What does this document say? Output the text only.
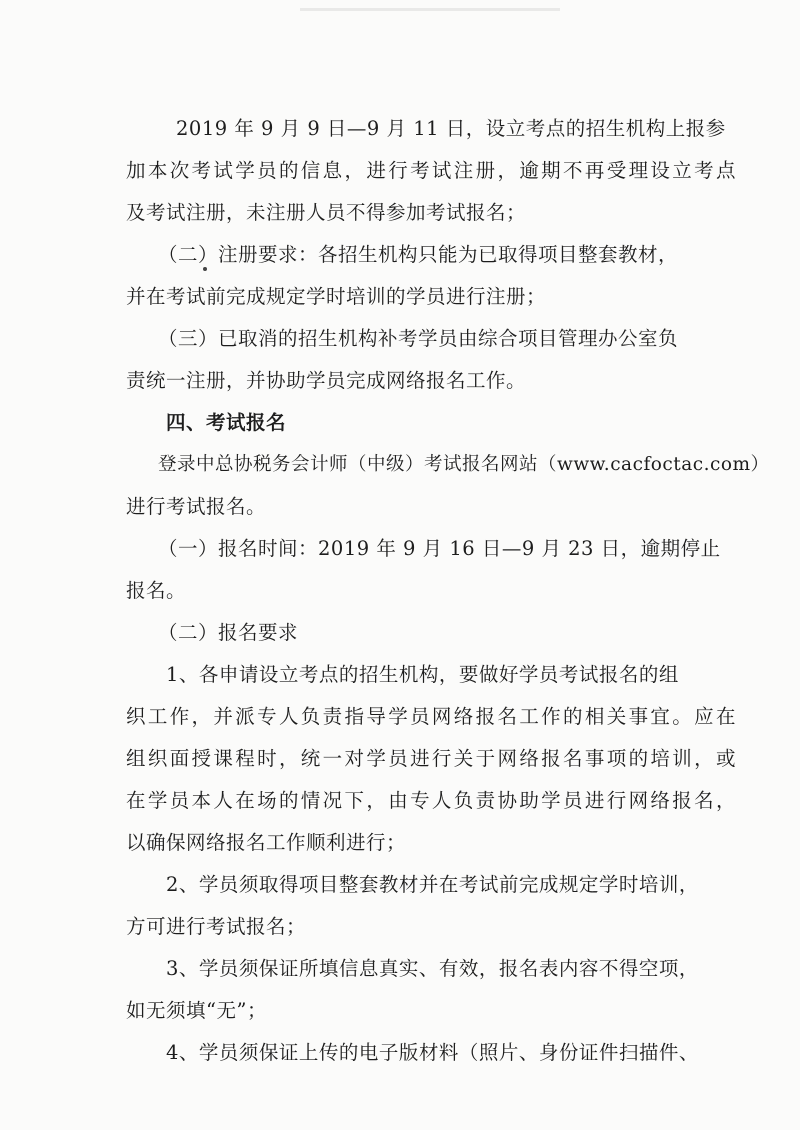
2019 年 9 月 9 日—9 月 11 日，设立考点的招生机构上报参

加本次考试学员的信息，进行考试注册，逾期不再受理设立考点

及考试注册，未注册人员不得参加考试报名；

（二）注册要求：各招生机构只能为已取得项目整套教材，

并在考试前完成规定学时培训的学员进行注册；

（三）已取消的招生机构补考学员由综合项目管理办公室负

责统一注册，并协助学员完成网络报名工作。

四、考试报名

登录中总协税务会计师（中级）考试报名网站（www.cacfoctac.com）

进行考试报名。

（一）报名时间：2019 年 9 月 16 日—9 月 23 日，逾期停止

报名。

（二）报名要求

1、各申请设立考点的招生机构，要做好学员考试报名的组

织工作，并派专人负责指导学员网络报名工作的相关事宜。应在

组织面授课程时，统一对学员进行关于网络报名事项的培训，或

在学员本人在场的情况下，由专人负责协助学员进行网络报名，

以确保网络报名工作顺利进行；

2、学员须取得项目整套教材并在考试前完成规定学时培训，

方可进行考试报名；

3、学员须保证所填信息真实、有效，报名表内容不得空项，

如无须填“无”；

4、学员须保证上传的电子版材料（照片、身份证件扫描件、
